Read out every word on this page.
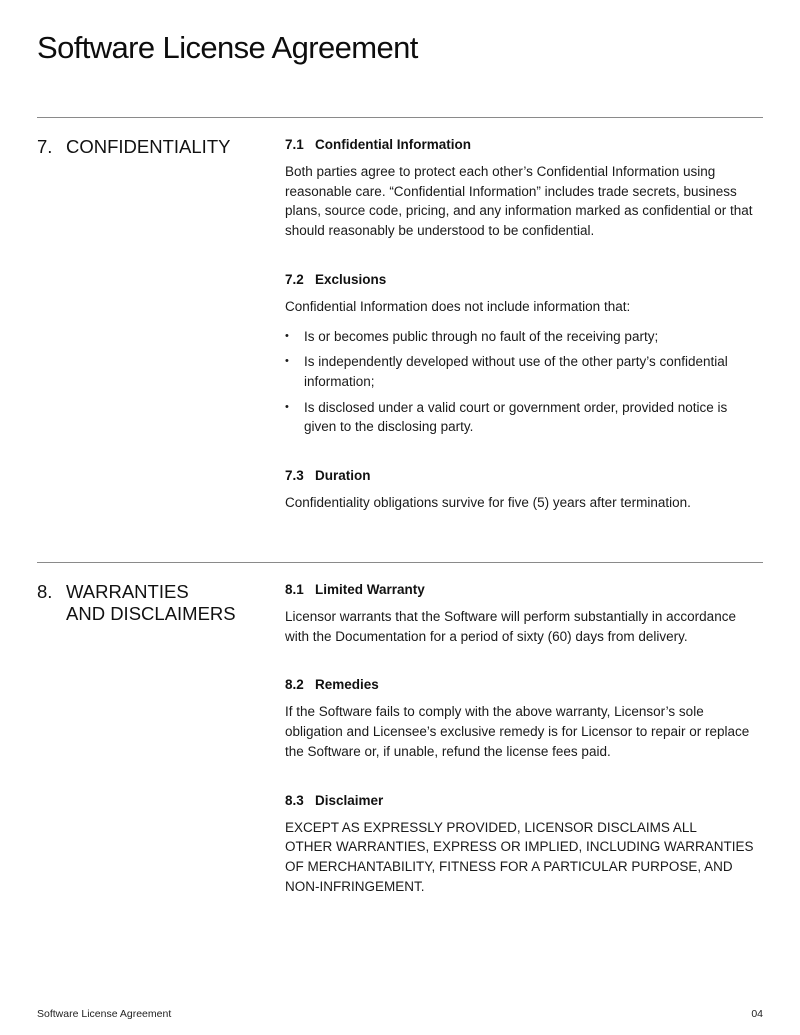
Software License Agreement
7. CONFIDENTIALITY	7.1 Confidential Information

Both parties agree to protect each other’s Confidential Information using reasonable care. “Confidential Information” includes trade secrets, business plans, source code, pricing, and any information marked as confidential or that should reasonably be understood to be confidential.

7.2 Exclusions

Confidential Information does not include information that:

• Is or becomes public through no fault of the receiving party;
• Is independently developed without use of the other party’s confidential information;
• Is disclosed under a valid court or government order, provided notice is given to the disclosing party.
7.3 Duration

Confidentiality obligations survive for five (5) years after termination.

8. WARRANTIES
AND DISCLAIMERS
8.1 Limited Warranty

Licensor warrants that the Software will perform substantially in accordance with the Documentation for a period of sixty (60) days from delivery.

8.2 Remedies

If the Software fails to comply with the above warranty, Licensor’s sole obligation and Licensee’s exclusive remedy is for Licensor to repair or replace the Software or, if unable, refund the license fees paid.

8.3 Disclaimer

EXCEPT AS EXPRESSLY PROVIDED, LICENSOR DISCLAIMS ALL
OTHER WARRANTIES, EXPRESS OR IMPLIED, INCLUDING WARRANTIES
OF MERCHANTABILITY, FITNESS FOR A PARTICULAR PURPOSE, AND
NON-INFRINGEMENT.

Software License Agreement	04
